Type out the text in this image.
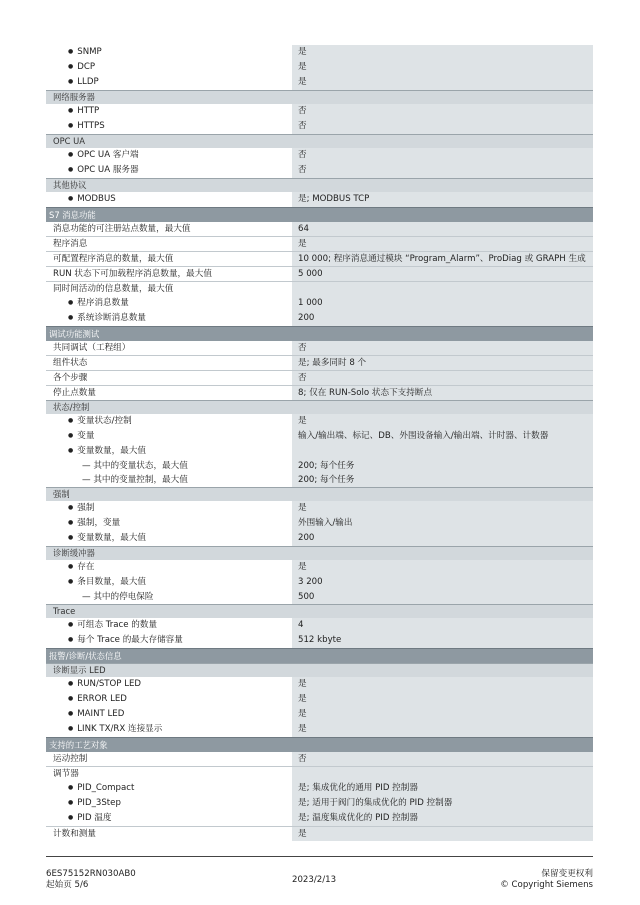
● SNMP	是
● DCP	是
● LLDP	是
网络服务器
● HTTP	否
● HTTPS	否
OPC UA
● OPC UA 客户端	否
● OPC UA 服务器	否
其他协议
● MODBUS	是; MODBUS TCP
S7 消息功能
消息功能的可注册站点数量，最大值	64
程序消息	是
可配置程序消息的数量，最大值	10 000; 程序消息通过模块 “Program_Alarm”、ProDiag 或 GRAPH 生成
RUN 状态下可加载程序消息数量，最大值	5 000
同时间活动的信息数量，最大值
● 程序消息数量	1 000
● 系统诊断消息数量	200
调试功能测试
共同调试（工程组）	否
组件状态	是; 最多同时 8 个
各个步骤	否
停止点数量	8; 仅在 RUN-Solo 状态下支持断点
状态/控制
● 变量状态/控制	是
● 变量	输入/输出端、标记、DB、外围设备输入/输出端、计时器、计数器
● 变量数量，最大值
— 其中的变量状态，最大值	200; 每个任务
— 其中的变量控制，最大值	200; 每个任务
强制
● 强制	是
● 强制，变量	外围输入/输出
● 变量数量，最大值	200
诊断缓冲器
● 存在	是
● 条目数量，最大值	3 200
— 其中的停电保险	500
Trace
● 可组态 Trace 的数量	4
● 每个 Trace 的最大存储容量	512 kbyte
报警/诊断/状态信息
诊断显示 LED
● RUN/STOP LED	是
● ERROR LED	是
● MAINT LED	是
● LINK TX/RX 连接显示	是
支持的工艺对象
运动控制	否
调节器
● PID_Compact	是; 集成优化的通用 PID 控制器
● PID_3Step	是; 适用于阀门的集成优化的 PID 控制器
● PID 温度	是; 温度集成优化的 PID 控制器
计数和测量	是
6ES75152RN030AB0
起始页 5/6	2023/2/13
保留变更权利
© Copyright Siemens
